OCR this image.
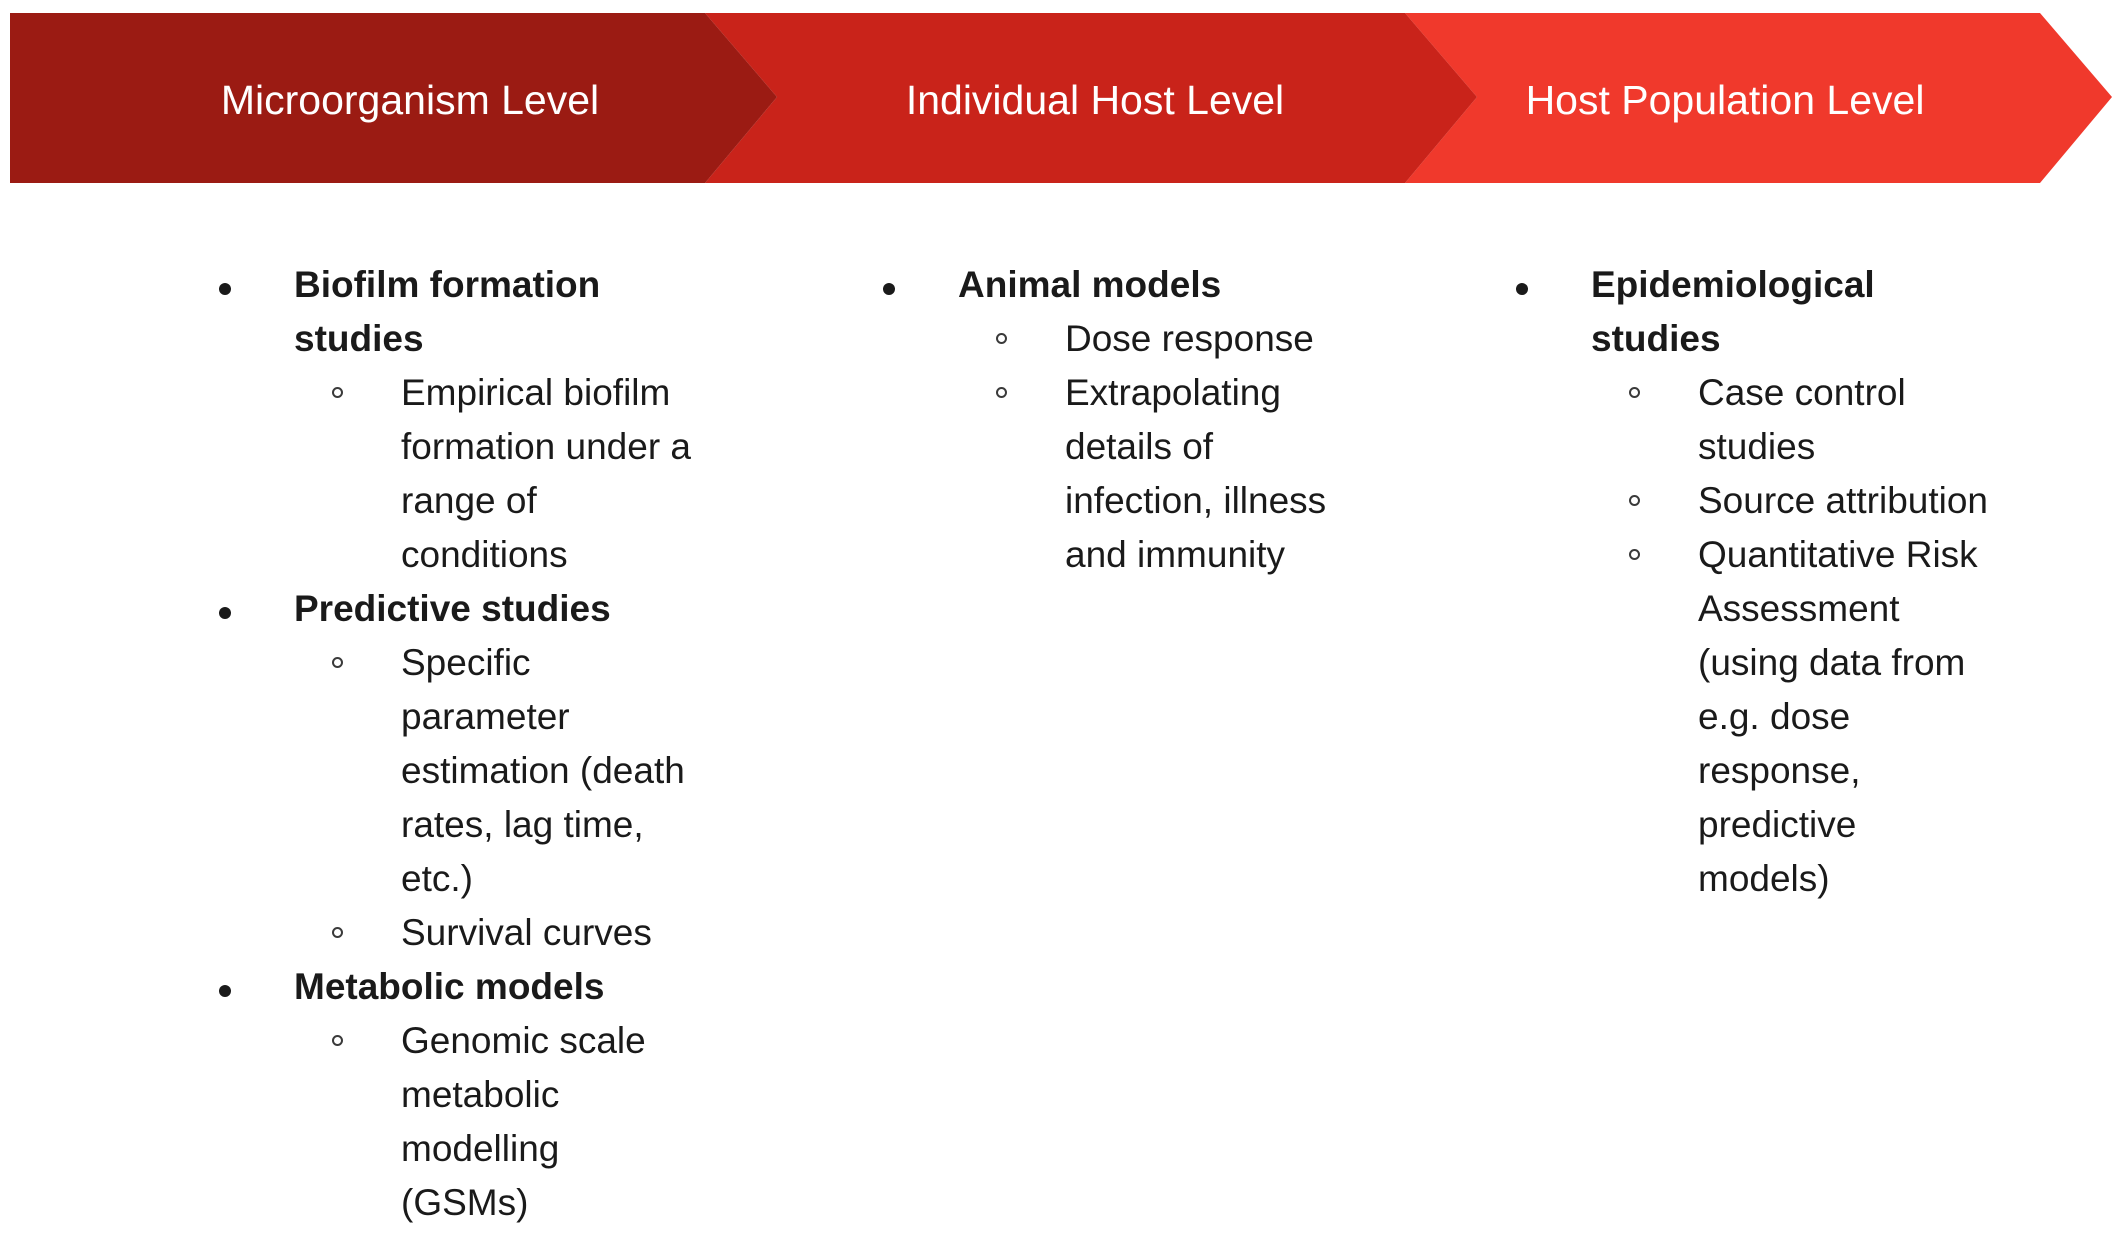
Microorganism Level	Individual Host Level	Host Population Level
Biofilm formation studies
Empirical biofilm formation under a range of conditions
Predictive studies
Specific parameter estimation (death rates, lag time, etc.)
Survival curves
Metabolic models
Genomic scale metabolic modelling (GSMs)
Animal models
Dose response
Extrapolating details of infection, illness and immunity
Epidemiological studies
Case control studies
Source attribution
Quantitative Risk Assessment (using data from e.g. dose response, predictive models)
